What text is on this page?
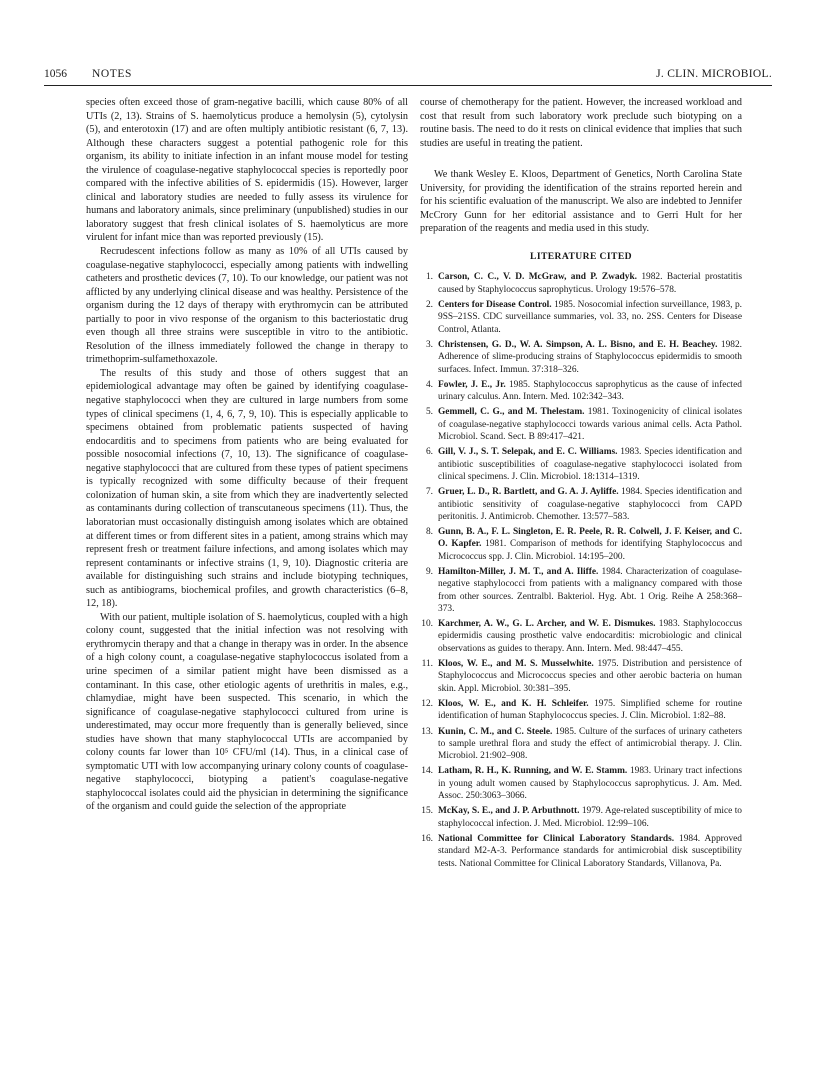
1056 NOTES	J. CLIN. MICROBIOL.

species often exceed those of gram-negative bacilli, which cause 80% of all UTIs (2, 13). Strains of S. haemolyticus produce a hemolysin (5), cytolysin (5), and enterotoxin (17) and are often multiply antibiotic resistant (6, 7, 13). Although these characters suggest a potential pathogenic role for this organism, its ability to initiate infection in an infant mouse model for testing the virulence of coagulase-negative staphylococcal species is reportedly poor compared with the infective abilities of S. epidermidis (15). However, larger clinical and laboratory studies are needed to fully assess its virulence for humans and laboratory animals, since preliminary (unpublished) studies in our laboratory suggest that fresh clinical isolates of S. haemolyticus are more virulent for infant mice than was reported previously (15).

Recrudescent infections follow as many as 10% of all UTIs caused by coagulase-negative staphylococci, especially among patients with indwelling catheters and prosthetic devices (7, 10). To our knowledge, our patient was not afflicted by any underlying clinical disease and was healthy. Persistence of the organism during the 12 days of therapy with erythromycin can be attributed partially to poor in vivo response of the organism to this bacteriostatic drug even though all three strains were susceptible in vitro to the antibiotic. Resolution of the illness immediately followed the change in therapy to trimethoprim-sulfamethoxazole.

The results of this study and those of others suggest that an epidemiological advantage may often be gained by identifying coagulase-negative staphylococci when they are cultured in large numbers from some types of clinical specimens (1, 4, 6, 7, 9, 10). This is especially applicable to specimens obtained from problematic patients suspected of having endocarditis and to specimens from patients who are being evaluated for possible nosocomial infections (7, 10, 13). The significance of coagulase-negative staphylococci that are cultured from these types of patient specimens is typically recognized with some difficulty because of their frequent colonization of human skin, a site from which they are inadvertently selected as contaminants during collection of transcutaneous specimens (11). Thus, the laboratorian must occasionally distinguish among isolates which are obtained at different times or from different sites in a patient, among strains which may represent fresh or treatment failure infections, and among isolates which may represent contaminants or infective strains (1, 9, 10). Diagnostic criteria are available for distinguishing such strains and include biotyping techniques, such as antibiograms, biochemical profiles, and growth characteristics (6–8, 12, 18).

With our patient, multiple isolation of S. haemolyticus, coupled with a high colony count, suggested that the initial infection was not resolving with erythromycin therapy and that a change in therapy was in order. In the absence of a high colony count, a coagulase-negative staphylococcus isolated from a urine specimen of a similar patient might have been dismissed as a contaminant. In this case, other etiologic agents of urethritis in males, e.g., chlamydiae, might have been suspected. This scenario, in which the significance of coagulase-negative staphylococci cultured from urine is underestimated, may occur more frequently than is generally believed, since studies have shown that many staphylococcal UTIs are accompanied by colony counts far lower than 10⁵ CFU/ml (14). Thus, in a clinical case of symptomatic UTI with low accompanying urinary colony counts of coagulase-negative staphylococci, biotyping a patient's coagulase-negative staphylococcal isolates could aid the physician in determining the significance of the organism and could guide the selection of the appropriate

course of chemotherapy for the patient. However, the increased workload and cost that result from such laboratory work preclude such biotyping on a routine basis. The need to do it rests on clinical evidence that implies that such studies are useful in treating the patient.

We thank Wesley E. Kloos, Department of Genetics, North Carolina State University, for providing the identification of the strains reported herein and for his scientific evaluation of the manuscript. We also are indebted to Jennifer McCrory Gunn for her editorial assistance and to Gerri Hult for her preparation of the reagents and media used in this study.

LITERATURE CITED
1. Carson, C. C., V. D. McGraw, and P. Zwadyk. 1982. Bacterial prostatitis caused by Staphylococcus saprophyticus. Urology 19:576–578.
2. Centers for Disease Control. 1985. Nosocomial infection surveillance, 1983, p. 9SS–21SS. CDC surveillance summaries, vol. 33, no. 2SS. Centers for Disease Control, Atlanta.
3. Christensen, G. D., W. A. Simpson, A. L. Bisno, and E. H. Beachey. 1982. Adherence of slime-producing strains of Staphylococcus epidermidis to smooth surfaces. Infect. Immun. 37:318–326.
4. Fowler, J. E., Jr. 1985. Staphylococcus saprophyticus as the cause of infected urinary calculus. Ann. Intern. Med. 102:342–343.
5. Gemmell, C. G., and M. Thelestam. 1981. Toxinogenicity of clinical isolates of coagulase-negative staphylococci towards various animal cells. Acta Pathol. Microbiol. Scand. Sect. B 89:417–421.
6. Gill, V. J., S. T. Selepak, and E. C. Williams. 1983. Species identification and antibiotic susceptibilities of coagulase-negative staphylococci isolated from clinical specimens. J. Clin. Microbiol. 18:1314–1319.
7. Gruer, L. D., R. Bartlett, and G. A. J. Ayliffe. 1984. Species identification and antibiotic sensitivity of coagulase-negative staphylococci from CAPD peritonitis. J. Antimicrob. Chemother. 13:577–583.
8. Gunn, B. A., F. L. Singleton, E. R. Peele, R. R. Colwell, J. F. Keiser, and C. O. Kapfer. 1981. Comparison of methods for identifying Staphylococcus and Micrococcus spp. J. Clin. Microbiol. 14:195–200.
9. Hamilton-Miller, J. M. T., and A. Iliffe. 1984. Characterization of coagulase-negative staphylococci from patients with a malignancy compared with those from other sources. Zentralbl. Bakteriol. Hyg. Abt. 1 Orig. Reihe A 258:368–373.
10. Karchmer, A. W., G. L. Archer, and W. E. Dismukes. 1983. Staphylococcus epidermidis causing prosthetic valve endocarditis: microbiologic and clinical observations as guides to therapy. Ann. Intern. Med. 98:447–455.
11. Kloos, W. E., and M. S. Musselwhite. 1975. Distribution and persistence of Staphylococcus and Micrococcus species and other aerobic bacteria on human skin. Appl. Microbiol. 30:381–395.
12. Kloos, W. E., and K. H. Schleifer. 1975. Simplified scheme for routine identification of human Staphylococcus species. J. Clin. Microbiol. 1:82–88.
13. Kunin, C. M., and C. Steele. 1985. Culture of the surfaces of urinary catheters to sample urethral flora and study the effect of antimicrobial therapy. J. Clin. Microbiol. 21:902–908.
14. Latham, R. H., K. Running, and W. E. Stamm. 1983. Urinary tract infections in young adult women caused by Staphylococcus saprophyticus. J. Am. Med. Assoc. 250:3063–3066.
15. McKay, S. E., and J. P. Arbuthnott. 1979. Age-related susceptibility of mice to staphylococcal infection. J. Med. Microbiol. 12:99–106.
16. National Committee for Clinical Laboratory Standards. 1984. Approved standard M2-A-3. Performance standards for antimicrobial disk susceptibility tests. National Committee for Clinical Laboratory Standards, Villanova, Pa.
